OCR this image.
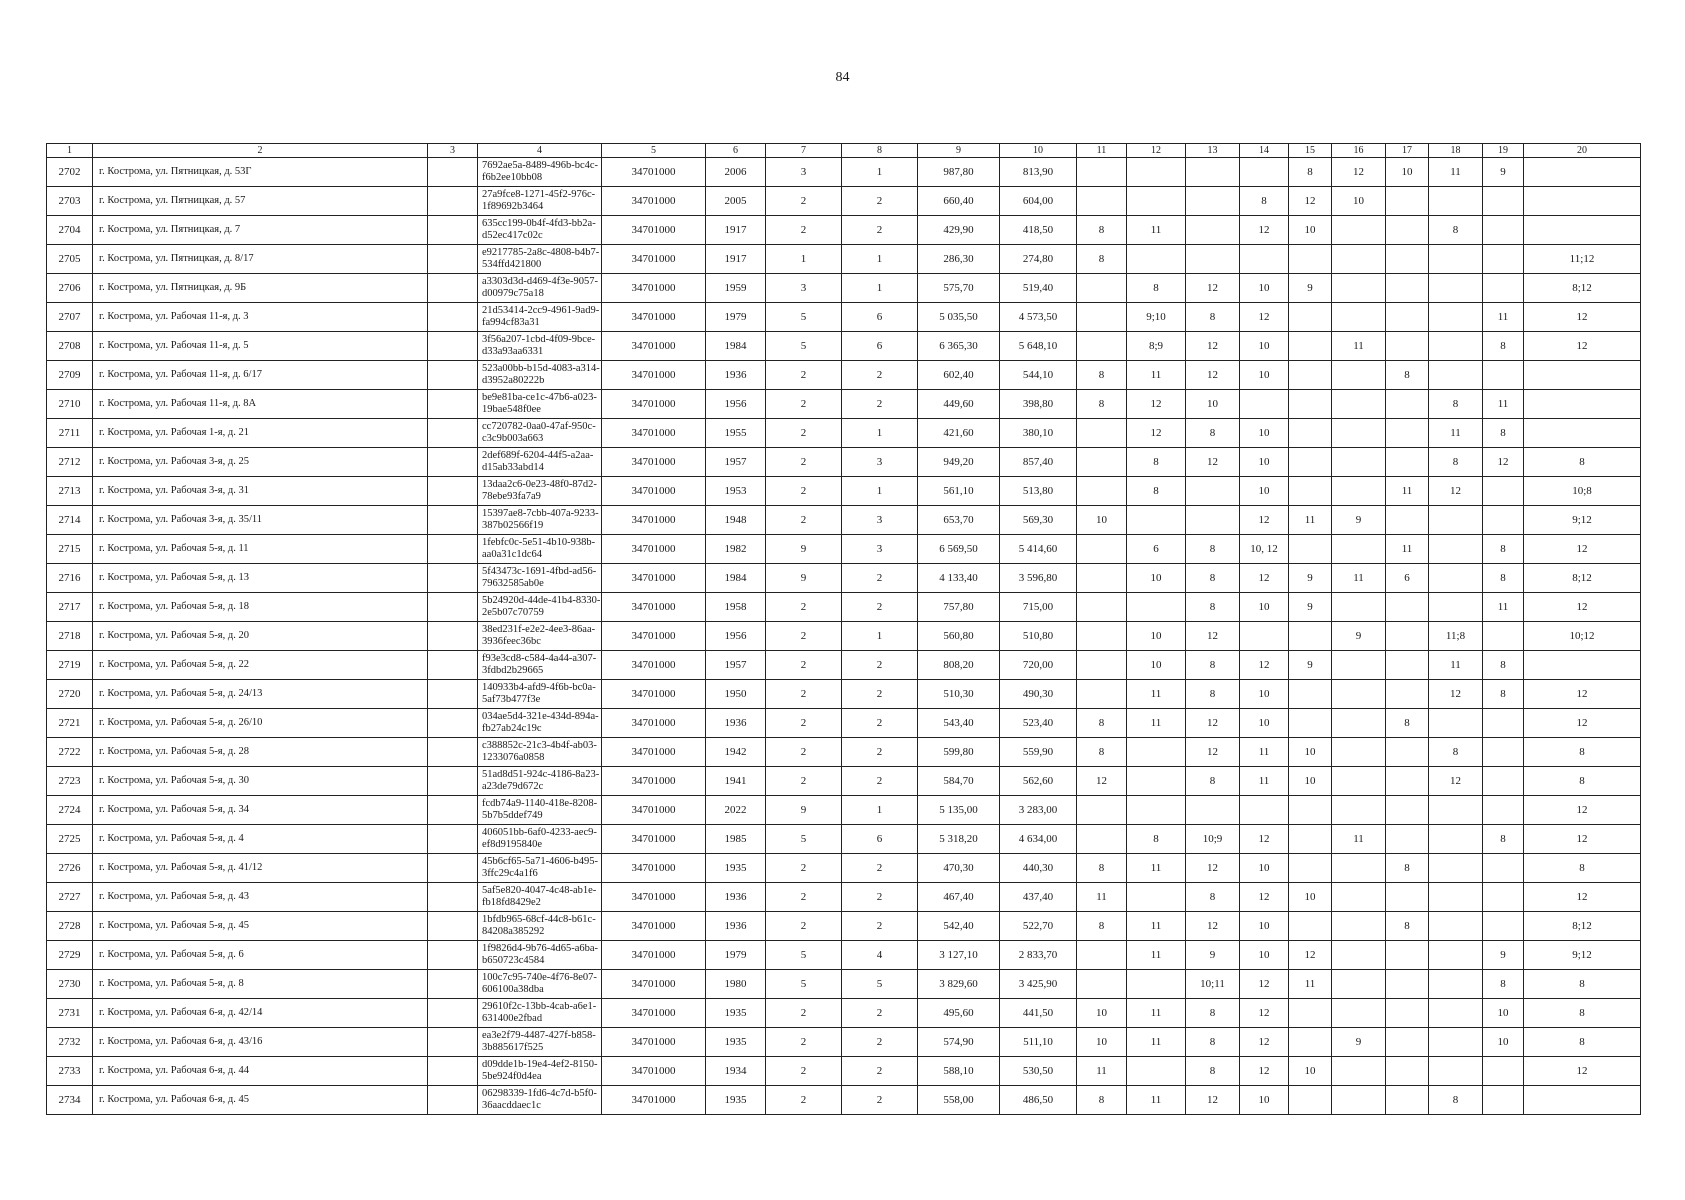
84
1	2	3	4	5	6	7	8	9	10	11	12	13	14	15	16	17	18	19	20
2702	г. Кострома, ул. Пятницкая, д. 53Г		7692ae5a-8489-496b-bc4c-f6b2ee10bb08	34701000	2006	3	1	987,80	813,90					8	12	10	11	9	
2703	г. Кострома, ул. Пятницкая, д. 57		27a9fce8-1271-45f2-976c-1f89692b3464	34701000	2005	2	2	660,40	604,00				8	12	10				
2704	г. Кострома, ул. Пятницкая, д. 7		635cc199-0b4f-4fd3-bb2a-d52ec417c02c	34701000	1917	2	2	429,90	418,50	8	11		12	10			8		
2705	г. Кострома, ул. Пятницкая, д. 8/17		e9217785-2a8c-4808-b4b7-534ffd421800	34701000	1917	1	1	286,30	274,80	8									11;12
2706	г. Кострома, ул. Пятницкая, д. 9Б		a3303d3d-d469-4f3e-9057-d00979c75a18	34701000	1959	3	1	575,70	519,40		8	12	10	9					8;12
2707	г. Кострома, ул. Рабочая 11-я, д. 3		21d53414-2cc9-4961-9ad9-fa994cf83a31	34701000	1979	5	6	5 035,50	4 573,50		9;10	8	12					11	12
2708	г. Кострома, ул. Рабочая 11-я, д. 5		3f56a207-1cbd-4f09-9bce-d33a93aa6331	34701000	1984	5	6	6 365,30	5 648,10		8;9	12	10		11			8	12
2709	г. Кострома, ул. Рабочая 11-я, д. 6/17		523a00bb-b15d-4083-a314-d3952a80222b	34701000	1936	2	2	602,40	544,10	8	11	12	10			8			
2710	г. Кострома, ул. Рабочая 11-я, д. 8А		be9e81ba-ce1c-47b6-a023-19bae548f0ee	34701000	1956	2	2	449,60	398,80	8	12	10					8	11	
2711	г. Кострома, ул. Рабочая 1-я, д. 21		cc720782-0aa0-47af-950c-c3c9b003a663	34701000	1955	2	1	421,60	380,10		12	8	10				11	8	
2712	г. Кострома, ул. Рабочая 3-я, д. 25		2def689f-6204-44f5-a2aa-d15ab33abd14	34701000	1957	2	3	949,20	857,40		8	12	10				8	12	8
2713	г. Кострома, ул. Рабочая 3-я, д. 31		13daa2c6-0e23-48f0-87d2-78ebe93fa7a9	34701000	1953	2	1	561,10	513,80		8		10			11	12		10;8
2714	г. Кострома, ул. Рабочая 3-я, д. 35/11		15397ae8-7cbb-407a-9233-387b02566f19	34701000	1948	2	3	653,70	569,30	10			12	11	9				9;12
2715	г. Кострома, ул. Рабочая 5-я, д. 11		1febfc0c-5e51-4b10-938b-aa0a31c1dc64	34701000	1982	9	3	6 569,50	5 414,60		6	8	10, 12			11		8	12
2716	г. Кострома, ул. Рабочая 5-я, д. 13		5f43473c-1691-4fbd-ad56-79632585ab0e	34701000	1984	9	2	4 133,40	3 596,80		10	8	12	9	11	6		8	8;12
2717	г. Кострома, ул. Рабочая 5-я, д. 18		5b24920d-44de-41b4-8330-2e5b07c70759	34701000	1958	2	2	757,80	715,00			8	10	9				11	12
2718	г. Кострома, ул. Рабочая 5-я, д. 20		38ed231f-e2e2-4ee3-86aa-3936feec36bc	34701000	1956	2	1	560,80	510,80		10	12			9		11;8		10;12
2719	г. Кострома, ул. Рабочая 5-я, д. 22		f93e3cd8-c584-4a44-a307-3fdbd2b29665	34701000	1957	2	2	808,20	720,00		10	8	12	9			11	8	
2720	г. Кострома, ул. Рабочая 5-я, д. 24/13		140933b4-afd9-4f6b-bc0a-5af73b477f3e	34701000	1950	2	2	510,30	490,30		11	8	10				12	8	12
2721	г. Кострома, ул. Рабочая 5-я, д. 26/10		034ae5d4-321e-434d-894a-fb27ab24c19c	34701000	1936	2	2	543,40	523,40	8	11	12	10			8			12
2722	г. Кострома, ул. Рабочая 5-я, д. 28		c388852c-21c3-4b4f-ab03-1233076a0858	34701000	1942	2	2	599,80	559,90	8		12	11	10			8		8
2723	г. Кострома, ул. Рабочая 5-я, д. 30		51ad8d51-924c-4186-8a23-a23de79d672c	34701000	1941	2	2	584,70	562,60	12		8	11	10			12		8
2724	г. Кострома, ул. Рабочая 5-я, д. 34		fcdb74a9-1140-418e-8208-5b7b5ddef749	34701000	2022	9	1	5 135,00	3 283,00										12
2725	г. Кострома, ул. Рабочая 5-я, д. 4		406051bb-6af0-4233-aec9-ef8d9195840e	34701000	1985	5	6	5 318,20	4 634,00		8	10;9	12		11			8	12
2726	г. Кострома, ул. Рабочая 5-я, д. 41/12		45b6cf65-5a71-4606-b495-3ffc29c4a1f6	34701000	1935	2	2	470,30	440,30	8	11	12	10			8			8
2727	г. Кострома, ул. Рабочая 5-я, д. 43		5af5e820-4047-4c48-ab1e-fb18fd8429e2	34701000	1936	2	2	467,40	437,40	11		8	12	10					12
2728	г. Кострома, ул. Рабочая 5-я, д. 45		1bfdb965-68cf-44c8-b61c-84208a385292	34701000	1936	2	2	542,40	522,70	8	11	12	10			8			8;12
2729	г. Кострома, ул. Рабочая 5-я, д. 6		1f9826d4-9b76-4d65-a6ba-b650723c4584	34701000	1979	5	4	3 127,10	2 833,70		11	9	10	12				9	9;12
2730	г. Кострома, ул. Рабочая 5-я, д. 8		100c7c95-740e-4f76-8e07-606100a38dba	34701000	1980	5	5	3 829,60	3 425,90			10;11	12	11				8	8
2731	г. Кострома, ул. Рабочая 6-я, д. 42/14		29610f2c-13bb-4cab-a6e1-631400e2fbad	34701000	1935	2	2	495,60	441,50	10	11	8	12					10	8
2732	г. Кострома, ул. Рабочая 6-я, д. 43/16		ea3e2f79-4487-427f-b858-3b885617f525	34701000	1935	2	2	574,90	511,10	10	11	8	12		9			10	8
2733	г. Кострома, ул. Рабочая 6-я, д. 44		d09dde1b-19e4-4ef2-8150-5be924f0d4ea	34701000	1934	2	2	588,10	530,50	11		8	12	10					12
2734	г. Кострома, ул. Рабочая 6-я, д. 45		06298339-1fd6-4c7d-b5f0-36aacddaec1c	34701000	1935	2	2	558,00	486,50	8	11	12	10				8		
